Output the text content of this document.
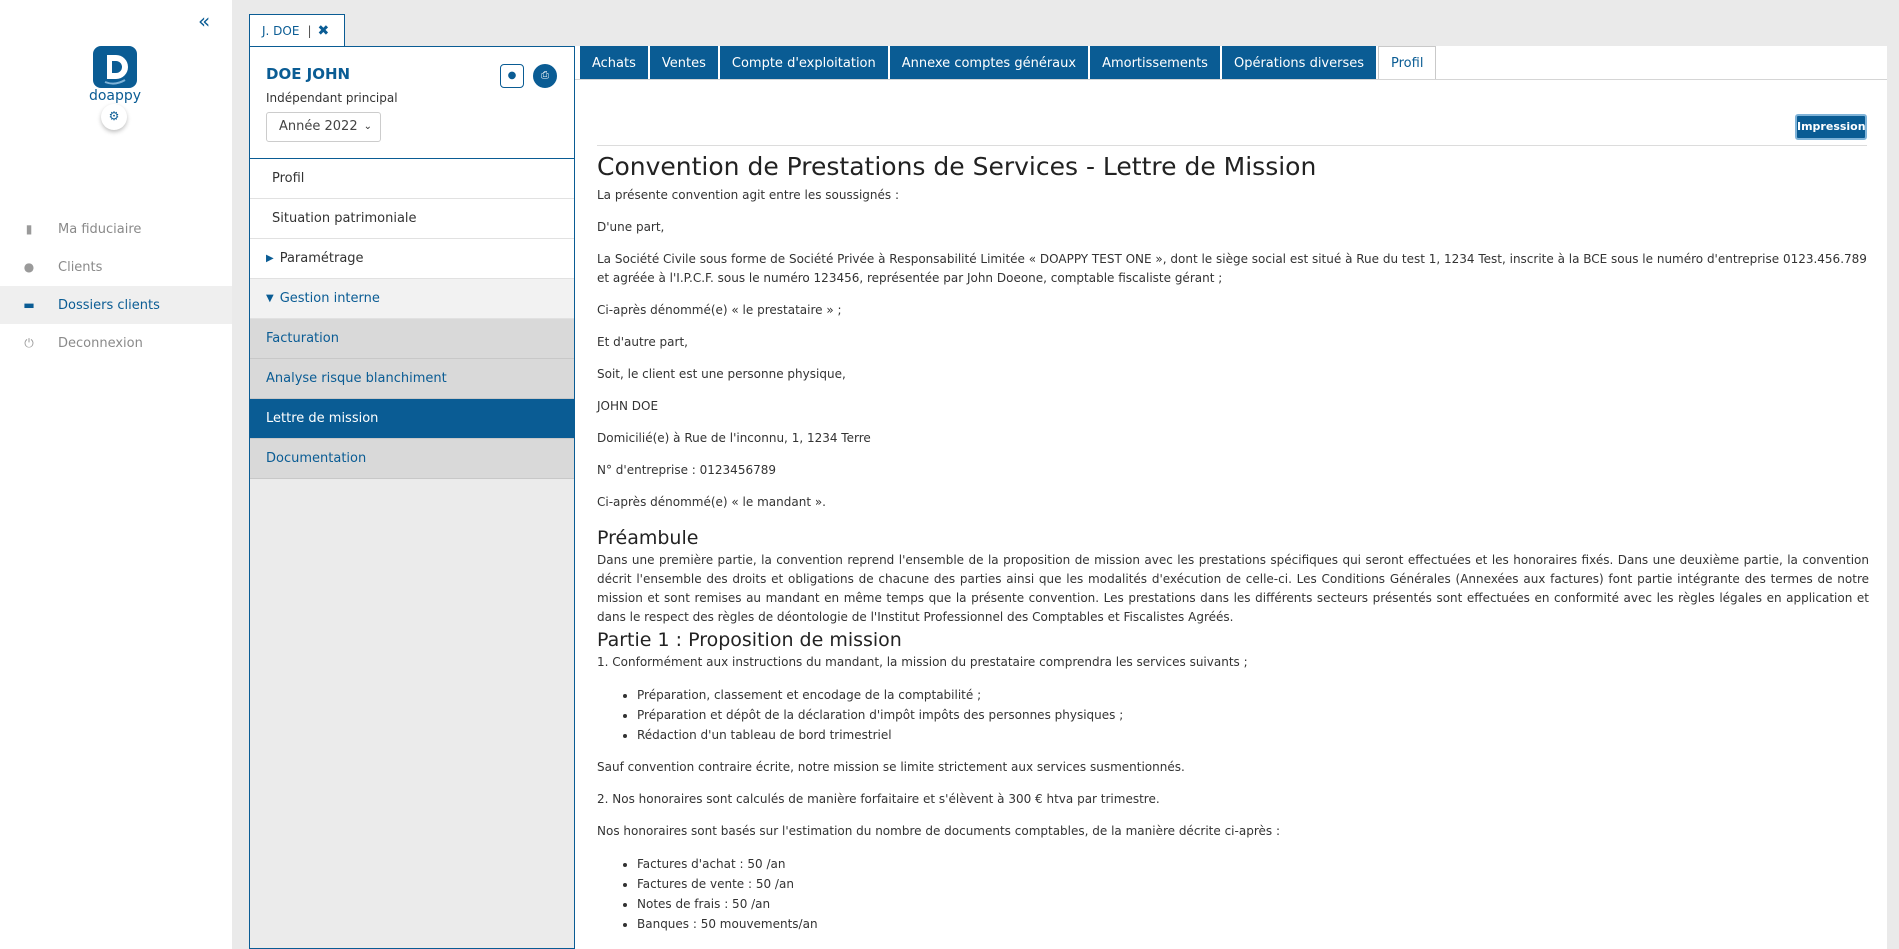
«
doappy
⚙
▮ Ma fiduciaire
● Clients
▬ Dossiers clients
⏻ Deconnexion
J. DOE | ✖
DOE JOHN
Indépendant principal
Année 2022 ⌄
●	⎙
Profil
Situation patrimoniale
▶ Paramétrage
▼ Gestion interne
Facturation
Analyse risque blanchiment
Lettre de mission
Documentation
Achats	Ventes	Compte d'exploitation	Annexe comptes généraux	Amortissements	Opérations diverses	Profil
Impression
Convention de Prestations de Services - Lettre de Mission

La présente convention agit entre les soussignés :

D'une part,

La Société Civile sous forme de Société Privée à Responsabilité Limitée « DOAPPY TEST ONE », dont le siège social est situé à Rue du test 1, 1234 Test, inscrite à la BCE sous le numéro d'entreprise 0123.456.789 et agréée à l'I.P.C.F. sous le numéro 123456, représentée par John Doeone, comptable fiscaliste gérant ;

Ci-après dénommé(e) « le prestataire » ;

Et d'autre part,

Soit, le client est une personne physique,

JOHN DOE

Domicilié(e) à Rue de l'inconnu, 1, 1234 Terre

N° d'entreprise : 0123456789

Ci-après dénommé(e) « le mandant ».

Préambule

Dans une première partie, la convention reprend l'ensemble de la proposition de mission avec les prestations spécifiques qui seront effectuées et les honoraires fixés. Dans une deuxième partie, la convention décrit l'ensemble des droits et obligations de chacune des parties ainsi que les modalités d'exécution de celle-ci. Les Conditions Générales (Annexées aux factures) font partie intégrante des termes de notre mission et sont remises au mandant en même temps que la présente convention. Les prestations dans les différents secteurs présentés sont effectuées en conformité avec les règles légales en application et dans le respect des règles de déontologie de l'Institut Professionnel des Comptables et Fiscalistes Agréés.

Partie 1 : Proposition de mission

1. Conformément aux instructions du mandant, la mission du prestataire comprendra les services suivants ;

• Préparation, classement et encodage de la comptabilité ;
• Préparation et dépôt de la déclaration d'impôt impôts des personnes physiques ;
• Rédaction d'un tableau de bord trimestriel

Sauf convention contraire écrite, notre mission se limite strictement aux services susmentionnés.

2. Nos honoraires sont calculés de manière forfaitaire et s'élèvent à 300 € htva par trimestre.

Nos honoraires sont basés sur l'estimation du nombre de documents comptables, de la manière décrite ci-après :

• Factures d'achat : 50 /an
• Factures de vente : 50 /an
• Notes de frais : 50 /an
• Banques : 50 mouvements/an
